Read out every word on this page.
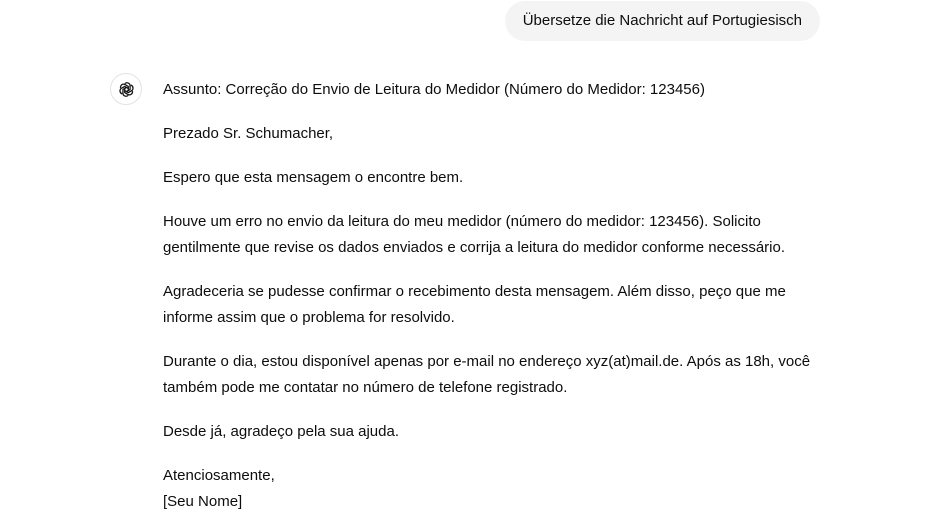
Übersetze die Nachricht auf Portugiesisch

Assunto: Correção do Envio de Leitura do Medidor (Número do Medidor: 123456)

Prezado Sr. Schumacher,

Espero que esta mensagem o encontre bem.

Houve um erro no envio da leitura do meu medidor (número do medidor: 123456). Solicito
gentilmente que revise os dados enviados e corrija a leitura do medidor conforme necessário.

Agradeceria se pudesse confirmar o recebimento desta mensagem. Além disso, peço que me
informe assim que o problema for resolvido.

Durante o dia, estou disponível apenas por e-mail no endereço xyz(at)mail.de. Após as 18h, você
também pode me contatar no número de telefone registrado.

Desde já, agradeço pela sua ajuda.

Atenciosamente,
[Seu Nome]
